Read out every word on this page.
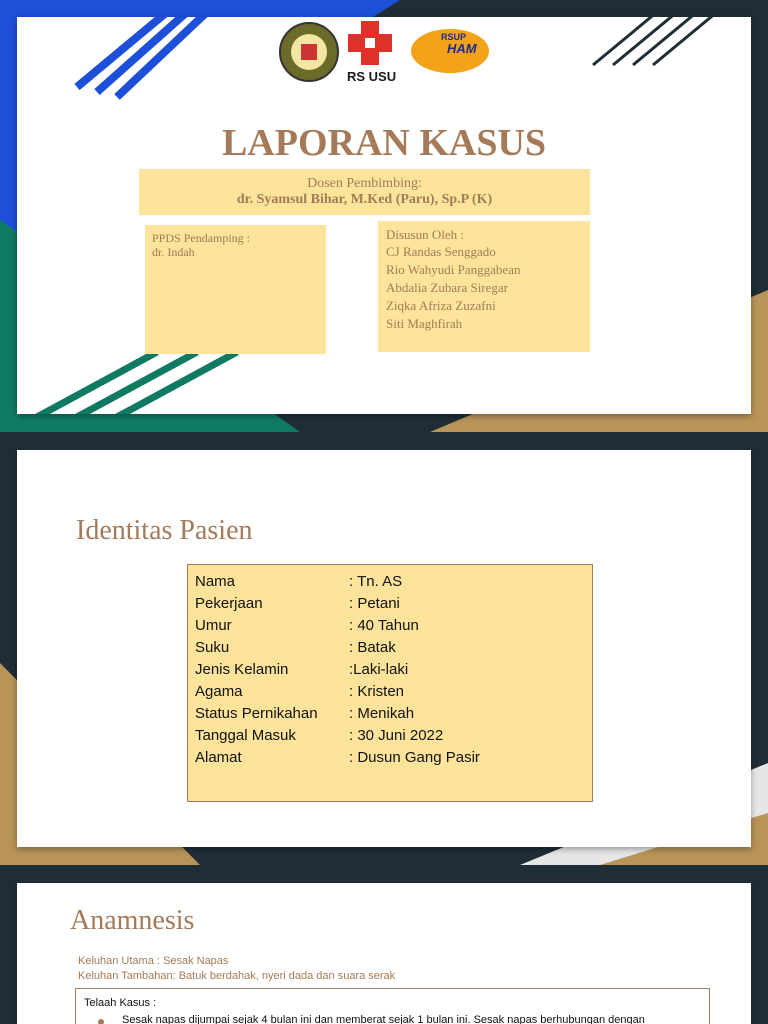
RS USU
RSUP
HAM
LAPORAN KASUS
Dosen Pembimbing:
dr. Syamsul Bihar, M.Ked (Paru), Sp.P (K)
PPDS Pendamping :
dr. Indah
Disusun Oleh :
CJ Randas Senggado
Rio Wahyudi Panggabean
Abdalia Zubara Siregar
Ziqka Afriza Zuzafni
Siti Maghfirah
Identitas Pasien
Nama	: Tn. AS
Pekerjaan	: Petani
Umur	: 40 Tahun
Suku	: Batak
Jenis Kelamin	:Laki-laki
Agama	: Kristen
Status Pernikahan	: Menikah
Tanggal Masuk	: 30 Juni 2022
Alamat	: Dusun Gang Pasir
Anamnesis
Keluhan Utama : Sesak Napas
Keluhan Tambahan: Batuk berdahak, nyeri dada dan suara serak
Telaah Kasus :
Sesak napas dijumpai sejak 4 bulan ini dan memberat sejak 1 bulan ini. Sesak napas berhubungan dengan
